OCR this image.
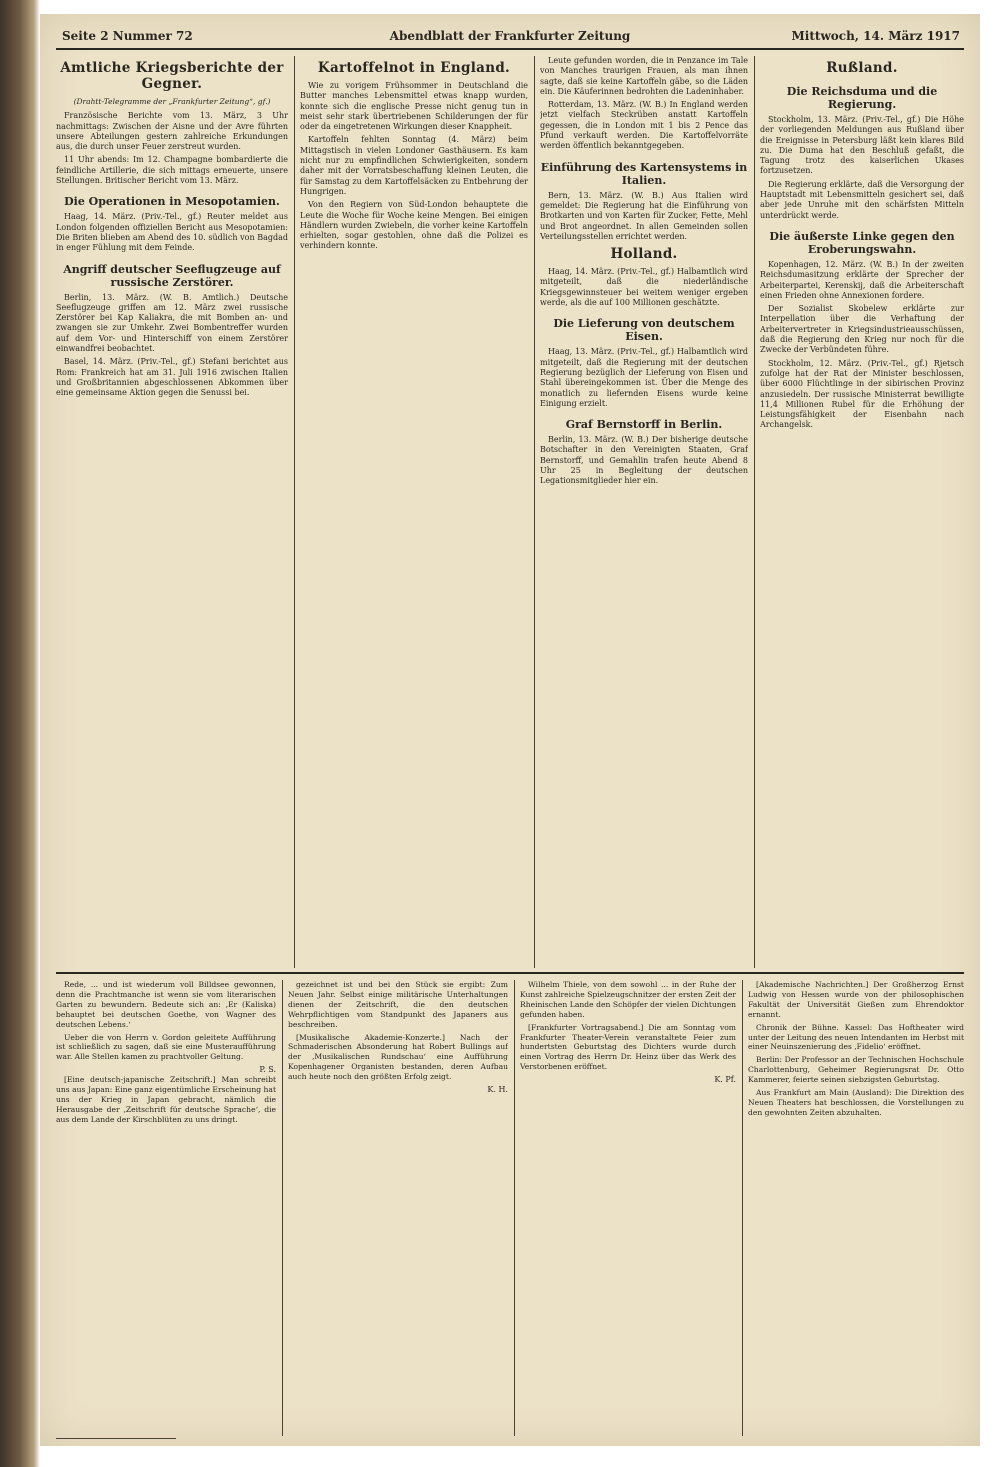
Seite 2 Nummer 72	Abendblatt der Frankfurter Zeitung	Mittwoch, 14. März 1917
Amtliche Kriegsberichte der Gegner.
(Drahtt-Telegramme der „Frankfurter Zeitung“, gf.)

Französische Berichte vom 13. März, 3 Uhr nachmittags: Zwischen der Aisne und der Avre führten unsere Abteilungen gestern zahlreiche Erkundungen aus, die durch unser Feuer zerstreut wurden.

11 Uhr abends: Im 12. Champagne bombardierte die feindliche Artillerie, die sich mittags erneuerte, unsere Stellungen. Britischer Bericht vom 13. März.

Die Operationen in Mesopotamien.

Haag, 14. März. (Priv.-Tel., gf.) Reuter meldet aus London folgenden offiziellen Bericht aus Mesopotamien: Die Briten blieben am Abend des 10. südlich von Bagdad in enger Fühlung mit dem Feinde.

Angriff deutscher Seeflugzeuge auf russische Zerstörer.

Berlin, 13. März. (W. B. Amtlich.) Deutsche Seeflugzeuge griffen am 12. März zwei russische Zerstörer bei Kap Kaliakra, die mit Bomben an- und zwangen sie zur Umkehr. Zwei Bombentreffer wurden auf dem Vor- und Hinterschiff von einem Zerstörer einwandfrei beobachtet.

Basel, 14. März. (Priv.-Tel., gf.) Stefani berichtet aus Rom: Frankreich hat am 31. Juli 1916 zwischen Italien und Großbritannien abgeschlossenen Abkommen über eine gemeinsame Aktion gegen die Senussi bei.

Kartoffelnot in England.

Wie zu vorigem Frühsommer in Deutschland die Butter manches Lebensmittel etwas knapp wurden, konnte sich die englische Presse nicht genug tun in meist sehr stark übertriebenen Schilderungen der für oder da eingetretenen Wirkungen dieser Knappheit.

Kartoffeln fehlten Sonntag (4. März) beim Mittagstisch in vielen Londoner Gasthäusern. Es kam nicht nur zu empfindlichen Schwierigkeiten, sondern daher mit der Vorratsbeschaffung kleinen Leuten, die für Samstag zu dem Kartoffelsäcken zu Entbehrung der Hungrigen.

Von den Regiern von Süd-London behauptete die Leute die Woche für Woche keine Mengen. Bei einigen Händlern wurden Zwiebeln, die vorher keine Kartoffeln erhielten, sogar gestohlen, ohne daß die Polizei es verhindern konnte.

Leute gefunden worden, die in Penzance im Tale von Manches traurigen Frauen, als man ihnen sagte, daß sie keine Kartoffeln gäbe, so die Läden ein. Die Käuferinnen bedrohten die Ladeninhaber.

Rotterdam, 13. März. (W. B.) In England werden jetzt vielfach Steckrüben anstatt Kartoffeln gegessen, die in London mit 1 bis 2 Pence das Pfund verkauft werden. Die Kartoffelvorräte werden öffentlich bekanntgegeben.

Einführung des Kartensystems in Italien.

Bern, 13. März. (W. B.) Aus Italien wird gemeldet: Die Regierung hat die Einführung von Brotkarten und von Karten für Zucker, Fette, Mehl und Brot angeordnet. In allen Gemeinden sollen Verteilungsstellen errichtet werden.

Holland.

Haag, 14. März. (Priv.-Tel., gf.) Halbamtlich wird mitgeteilt, daß die niederländische Kriegsgewinnsteuer bei weitem weniger ergeben werde, als die auf 100 Millionen geschätzte.

Die Lieferung von deutschem Eisen.

Haag, 13. März. (Priv.-Tel., gf.) Halbamtlich wird mitgeteilt, daß die Regierung mit der deutschen Regierung bezüglich der Lieferung von Eisen und Stahl übereingekommen ist. Über die Menge des monatlich zu liefernden Eisens wurde keine Einigung erzielt.

Graf Bernstorff in Berlin.

Berlin, 13. März. (W. B.) Der bisherige deutsche Botschafter in den Vereinigten Staaten, Graf Bernstorff, und Gemahlin trafen heute Abend 8 Uhr 25 in Begleitung der deutschen Legationsmitglieder hier ein.

Rußland.
Die Reichsduma und die Regierung.

Stockholm, 13. März. (Priv.-Tel., gf.) Die Höhe der vorliegenden Meldungen aus Rußland über die Ereignisse in Petersburg läßt kein klares Bild zu. Die Duma hat den Beschluß gefaßt, die Tagung trotz des kaiserlichen Ukases fortzusetzen.

Die Regierung erklärte, daß die Versorgung der Hauptstadt mit Lebensmitteln gesichert sei, daß aber jede Unruhe mit den schärfsten Mitteln unterdrückt werde.

Die äußerste Linke gegen den Eroberungswahn.

Kopenhagen, 12. März. (W. B.) In der zweiten Reichsdumasitzung erklärte der Sprecher der Arbeiterpartei, Kerenskij, daß die Arbeiterschaft einen Frieden ohne Annexionen fordere.

Der Sozialist Skobelew erklärte zur Interpellation über die Verhaftung der Arbeitervertreter in Kriegsindustrieausschüssen, daß die Regierung den Krieg nur noch für die Zwecke der Verbündeten führe.

Stockholm, 12. März. (Priv.-Tel., gf.) Rjetsch zufolge hat der Rat der Minister beschlossen, über 6000 Flüchtlinge in der sibirischen Provinz anzusiedeln. Der russische Ministerrat bewilligte 11,4 Millionen Rubel für die Erhöhung der Leistungsfähigkeit der Eisenbahn nach Archangelsk.

Rede, ... und ist wiederum voll Billdsee gewonnen, denn die Prachtmanche ist wenn sie vom literarischen Garten zu bewundern. Bedeute sich an: ‚Er (Kaliska) behauptet bei deutschen Goethe, von Wagner des deutschen Lebens.‘

Ueber die von Herrn v. Gordon geleitete Aufführung ist schließlich zu sagen, daß sie eine Musteraufführung war. Alle Stellen kamen zu prachtvoller Geltung.

P. S.

[Eine deutsch-japanische Zeitschrift.] Man schreibt uns aus Japan: Eine ganz eigentümliche Erscheinung hat uns der Krieg in Japan gebracht, nämlich die Herausgabe der ‚Zeitschrift für deutsche Sprache‘, die aus dem Lande der Kirschblüten zu uns dringt.

gezeichnet ist und bei den Stück sie ergibt: Zum Neuen Jahr. Selbst einige militärische Unterhaltungen dienen der Zeitschrift, die den deutschen Wehrpflichtigen vom Standpunkt des Japaners aus beschreiben.

[Musikalische Akademie-Konzerte.] Nach der Schmaderischen Absonderung hat Robert Bullings auf der ‚Musikalischen Rundschau‘ eine Aufführung Kopenhagener Organisten bestanden, deren Aufbau auch heute noch den größten Erfolg zeigt.

K. H.

Wilhelm Thiele, von dem sowohl ... in der Ruhe der Kunst zahlreiche Spielzeugschnitzer der ersten Zeit der Rheinischen Lande den Schöpfer der vielen Dichtungen gefunden haben.

[Frankfurter Vortragsabend.] Die am Sonntag vom Frankfurter Theater-Verein veranstaltete Feier zum hundertsten Geburtstag des Dichters wurde durch einen Vortrag des Herrn Dr. Heinz über das Werk des Verstorbenen eröffnet.

K. Pf.

[Akademische Nachrichten.] Der Großherzog Ernst Ludwig von Hessen wurde von der philosophischen Fakultät der Universität Gießen zum Ehrendoktor ernannt.

Chronik der Bühne. Kassel: Das Hoftheater wird unter der Leitung des neuen Intendanten im Herbst mit einer Neuinszenierung des ‚Fidelio‘ eröffnet.

Berlin: Der Professor an der Technischen Hochschule Charlottenburg, Geheimer Regierungsrat Dr. Otto Kammerer, feierte seinen siebzigsten Geburtstag.

Aus Frankfurt am Main (Ausland): Die Direktion des Neuen Theaters hat beschlossen, die Vorstellungen zu den gewohnten Zeiten abzuhalten.
